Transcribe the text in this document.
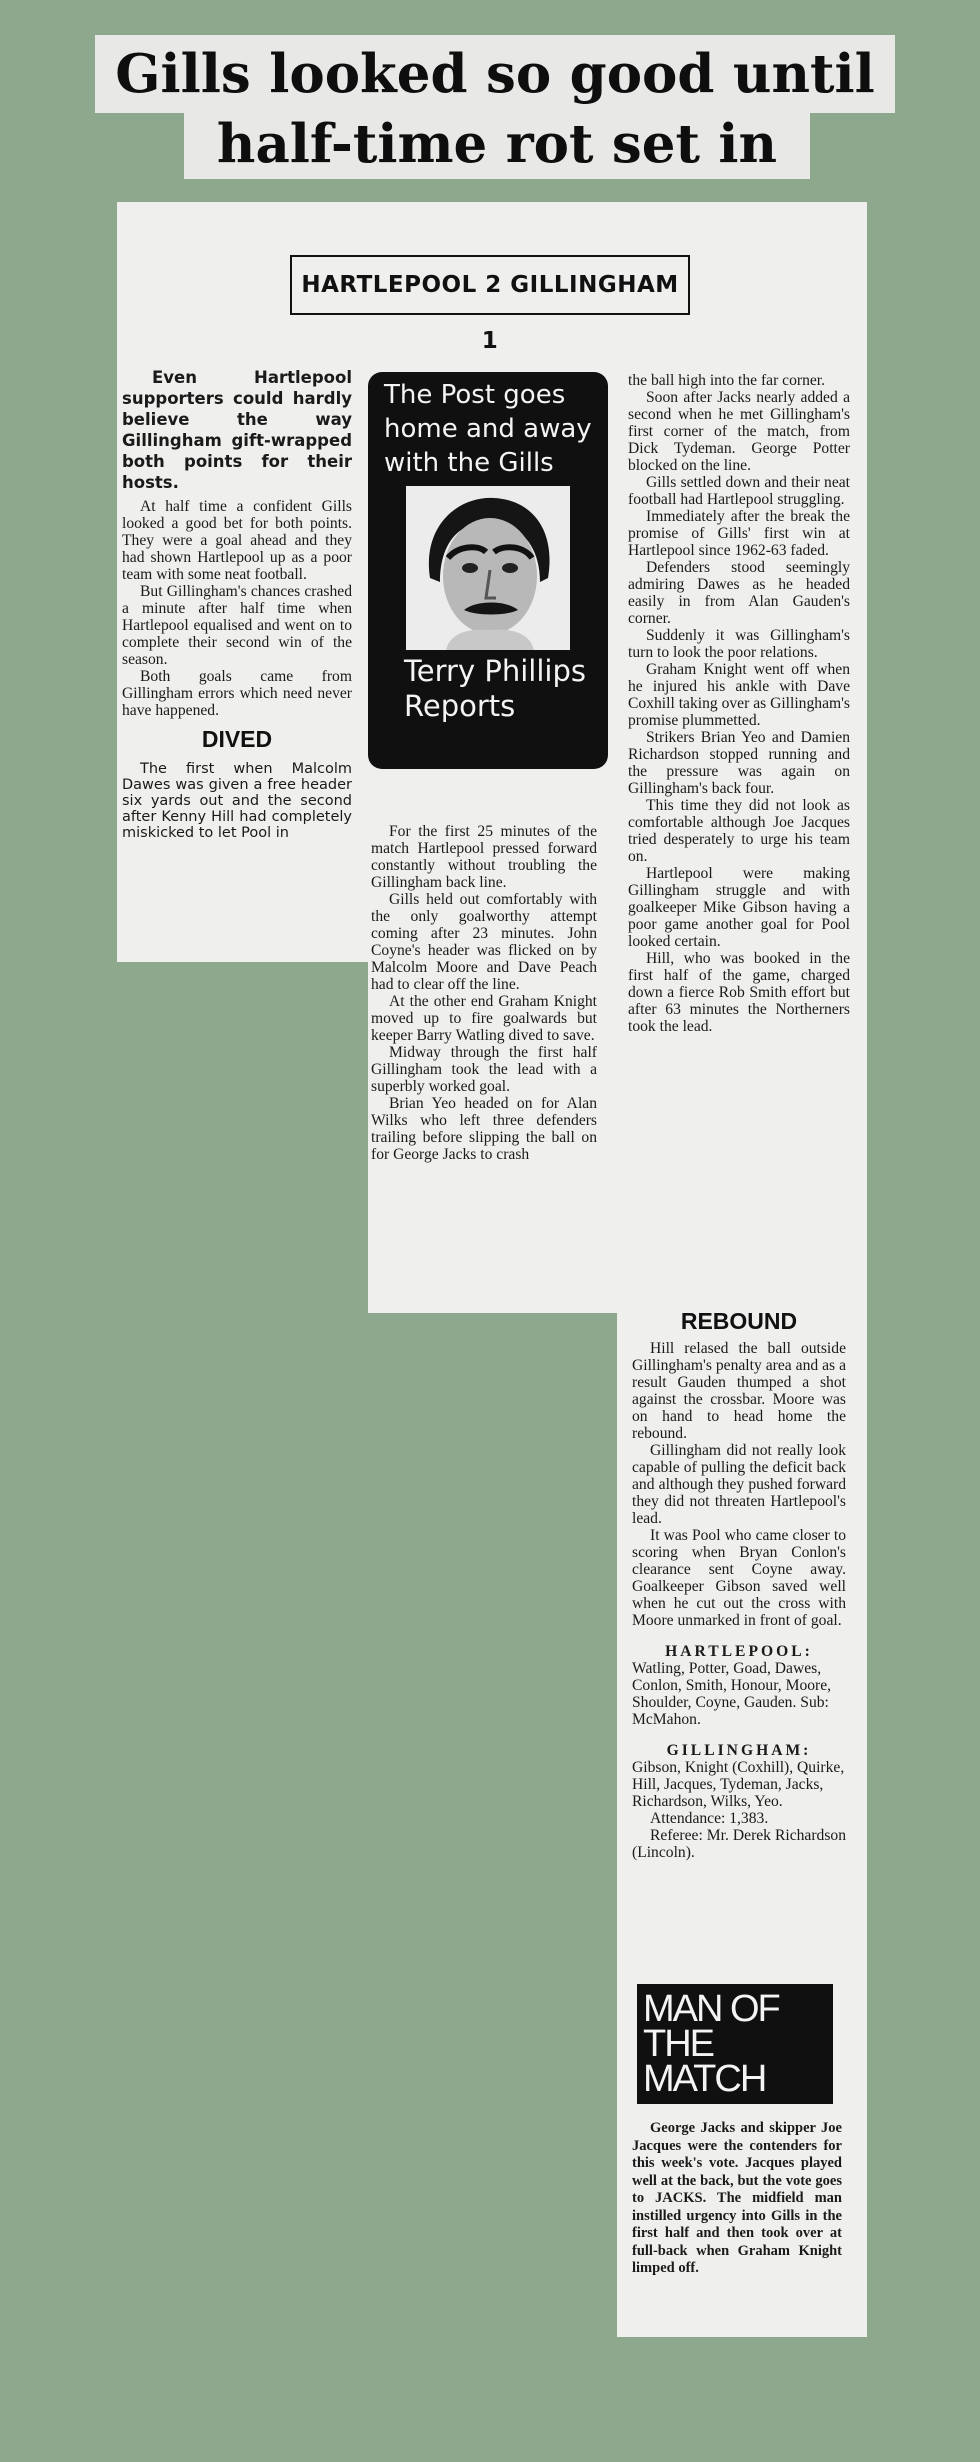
Gills looked so good until
half-time rot set in
HARTLEPOOL 2 GILLINGHAM 1

Even Hartlepool supporters could hardly believe the way Gillingham gift-wrapped both points for their hosts.

At half time a confident Gills looked a good bet for both points. They were a goal ahead and they had shown Hartlepool up as a poor team with some neat football.

But Gillingham's chances crashed a minute after half time when Hartlepool equalised and went on to complete their second win of the season.

Both goals came from Gillingham errors which need never have happened.

DIVED

The first when Malcolm Dawes was given a free header six yards out and the second after Kenny Hill had completely miskicked to let Pool in

The Post goes home and away with the Gills
Terry Phillips Reports

For the first 25 minutes of the match Hartlepool pressed forward constantly without troubling the Gillingham back line.

Gills held out comfortably with the only goalworthy attempt coming after 23 minutes. John Coyne's header was flicked on by Malcolm Moore and Dave Peach had to clear off the line.

At the other end Graham Knight moved up to fire goalwards but keeper Barry Watling dived to save.

Midway through the first half Gillingham took the lead with a superbly worked goal.

Brian Yeo headed on for Alan Wilks who left three defenders trailing before slipping the ball on for George Jacks to crash

the ball high into the far corner.

Soon after Jacks nearly added a second when he met Gillingham's first corner of the match, from Dick Tydeman. George Potter blocked on the line.

Gills settled down and their neat football had Hartlepool struggling.

Immediately after the break the promise of Gills' first win at Hartlepool since 1962-63 faded.

Defenders stood seemingly admiring Dawes as he headed easily in from Alan Gauden's corner.

Suddenly it was Gillingham's turn to look the poor relations.

Graham Knight went off when he injured his ankle with Dave Coxhill taking over as Gillingham's promise plummetted.

Strikers Brian Yeo and Damien Richardson stopped running and the pressure was again on Gillingham's back four.

This time they did not look as comfortable although Joe Jacques tried desperately to urge his team on.

Hartlepool were making Gillingham struggle and with goalkeeper Mike Gibson having a poor game another goal for Pool looked certain.

Hill, who was booked in the first half of the game, charged down a fierce Rob Smith effort but after 63 minutes the Northerners took the lead.

REBOUND

Hill relased the ball outside Gillingham's penalty area and as a result Gauden thumped a shot against the crossbar. Moore was on hand to head home the rebound.

Gillingham did not really look capable of pulling the deficit back and although they pushed forward they did not threaten Hartlepool's lead.

It was Pool who came closer to scoring when Bryan Conlon's clearance sent Coyne away. Goalkeeper Gibson saved well when he cut out the cross with Moore unmarked in front of goal.

HARTLEPOOL:

Watling, Potter, Goad, Dawes, Conlon, Smith, Honour, Moore, Shoulder, Coyne, Gauden. Sub: McMahon.

GILLINGHAM:

Gibson, Knight (Coxhill), Quirke, Hill, Jacques, Tydeman, Jacks, Richardson, Wilks, Yeo.

Attendance: 1,383.

Referee: Mr. Derek Richardson (Lincoln).

MAN OF THE MATCH

George Jacks and skipper Joe Jacques were the contenders for this week's vote. Jacques played well at the back, but the vote goes to JACKS. The midfield man instilled urgency into Gills in the first half and then took over at full-back when Graham Knight limped off.
